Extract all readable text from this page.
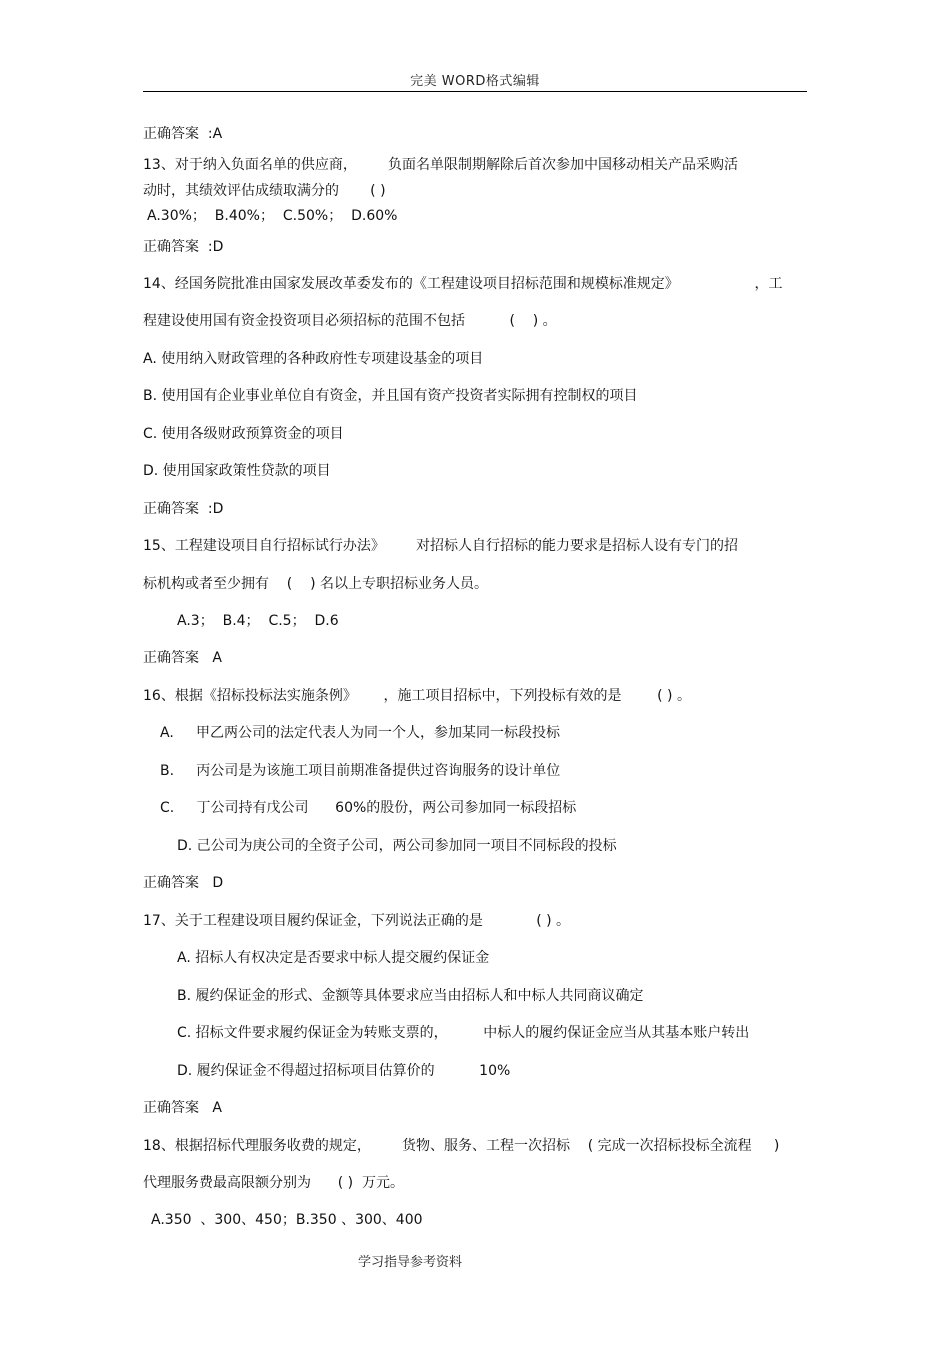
完美 WORD格式编辑
正确答案  :A
13、对于纳入负面名单的供应商，       负面名单限制期解除后首次参加中国移动相关产品采购活
动时，其绩效评估成绩取满分的       ( )
A.30%；  B.40%；  C.50%；  D.60%
正确答案  :D
14、经国务院批准由国家发展改革委发布的《工程建设项目招标范围和规模标准规定》                 ，工
程建设使用国有资金投资项目必须招标的范围不包括          (    ) 。
A. 使用纳入财政管理的各种政府性专项建设基金的项目
B. 使用国有企业事业单位自有资金，并且国有资产投资者实际拥有控制权的项目
C. 使用各级财政预算资金的项目
D. 使用国家政策性贷款的项目
正确答案  :D
15、工程建设项目自行招标试行办法》       对招标人自行招标的能力要求是招标人设有专门的招
标机构或者至少拥有    (    ) 名以上专职招标业务人员。
A.3；  B.4；  C.5；  D.6
正确答案   A
16、根据《招标投标法实施条例》      ，施工项目招标中，下列投标有效的是        ( ) 。
A.     甲乙两公司的法定代表人为同一个人，参加某同一标段投标
B.     丙公司是为该施工项目前期准备提供过咨询服务的设计单位
C.     丁公司持有戊公司      60%的股份，两公司参加同一标段招标
D. 己公司为庚公司的全资子公司，两公司参加同一项目不同标段的投标
正确答案   D
17、关于工程建设项目履约保证金，下列说法正确的是            ( ) 。
A. 招标人有权决定是否要求中标人提交履约保证金
B. 履约保证金的形式、金额等具体要求应当由招标人和中标人共同商议确定
C. 招标文件要求履约保证金为转账支票的，        中标人的履约保证金应当从其基本账户转出
D. 履约保证金不得超过招标项目估算价的          10%
正确答案   A
18、根据招标代理服务收费的规定，       货物、服务、工程一次招标    ( 完成一次招标投标全流程     )
代理服务费最高限额分别为      ( )  万元。
A.350  、300、450；B.350 、300、400
学习指导参考资料
